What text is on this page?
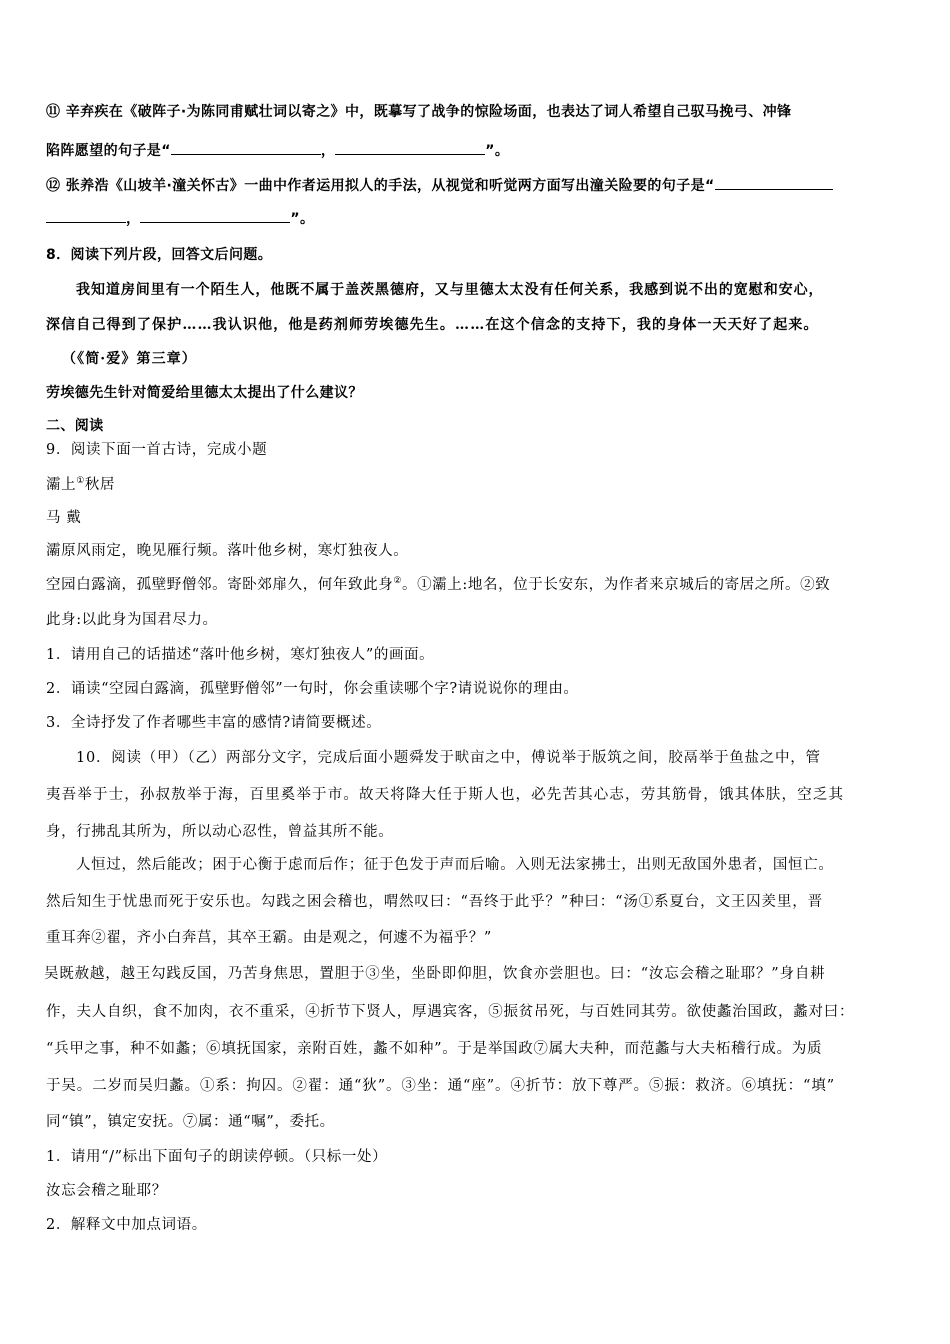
⑪ 辛弃疾在《破阵子·为陈同甫赋壮词以寄之》中，既摹写了战争的惊险场面，也表达了词人希望自己驭马挽弓、冲锋
陷阵愿望的句子是“	，	”。
⑫ 张养浩《山坡羊·潼关怀古》一曲中作者运用拟人的手法，从视觉和听觉两方面写出潼关险要的句子是“
，	”。
8．阅读下列片段，回答文后问题。
我知道房间里有一个陌生人，他既不属于盖茨黑德府，又与里德太太没有任何关系，我感到说不出的宽慰和安心，
深信自己得到了保护……我认识他，他是药剂师劳埃德先生。……在这个信念的支持下，我的身体一天天好了起来。
（《简·爱》第三章）
劳埃德先生针对简爱给里德太太提出了什么建议？
二、阅读
9．阅读下面一首古诗，完成小题
灞上①秋居
马 戴
灞原风雨定，晚见雁行频。落叶他乡树，寒灯独夜人。
空园白露滴，孤壁野僧邻。寄卧郊扉久，何年致此身②。①灞上:地名，位于长安东，为作者来京城后的寄居之所。②致
此身:以此身为国君尽力。
1．请用自己的话描述“落叶他乡树，寒灯独夜人”的画面。
2．诵读“空园白露滴，孤壁野僧邻”一句时，你会重读哪个字?请说说你的理由。
3．全诗抒发了作者哪些丰富的感情?请简要概述。
10．阅读（甲）（乙）两部分文字，完成后面小题舜发于畎亩之中，傅说举于版筑之间，胶鬲举于鱼盐之中，管
夷吾举于士，孙叔敖举于海，百里奚举于市。故天将降大任于斯人也，必先苦其心志，劳其筋骨，饿其体肤，空乏其
身，行拂乱其所为，所以动心忍性，曾益其所不能。
人恒过，然后能改；困于心衡于虑而后作；征于色发于声而后喻。入则无法家拂士，出则无敌国外患者，国恒亡。
然后知生于忧患而死于安乐也。勾践之困会稽也，喟然叹曰：“吾终于此乎？”种曰：“汤①系夏台，文王囚羑里，晋
重耳奔②翟，齐小白奔莒，其卒王霸。由是观之，何遽不为福乎？”
吴既赦越，越王勾践反国，乃苦身焦思，置胆于③坐，坐卧即仰胆，饮食亦尝胆也。曰：“汝忘会稽之耻耶？”身自耕
作，夫人自织，食不加肉，衣不重采，④折节下贤人，厚遇宾客，⑤振贫吊死，与百姓同其劳。欲使蠡治国政，蠡对曰：
“兵甲之事，种不如蠡；⑥填抚国家，亲附百姓，蠡不如种”。于是举国政⑦属大夫种，而范蠡与大夫柘稽行成。为质
于吴。二岁而吴归蠡。①系：拘囚。②翟：通“狄”。③坐：通“座”。④折节：放下尊严。⑤振：救济。⑥填抚：“填”
同“镇”，镇定安抚。⑦属：通“嘱”，委托。
1．请用“/”标出下面句子的朗读停顿。（只标一处）
汝忘会稽之耻耶？
2．解释文中加点词语。
